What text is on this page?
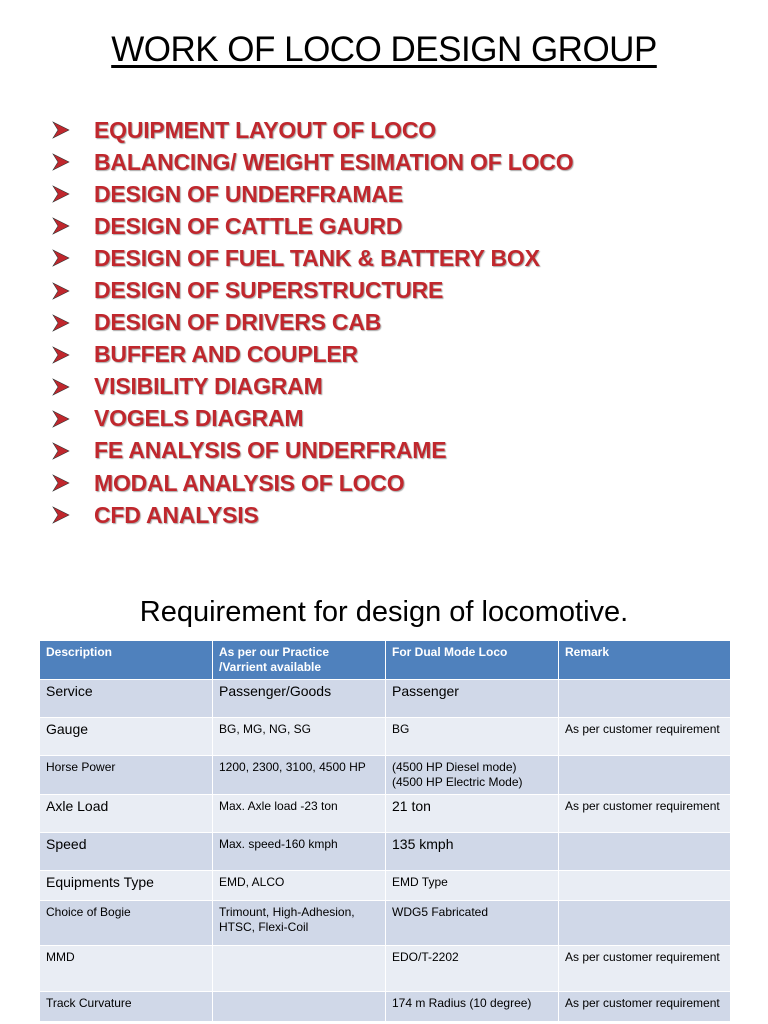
WORK OF LOCO DESIGN GROUP
EQUIPMENT LAYOUT OF LOCO
BALANCING/ WEIGHT ESIMATION OF LOCO
DESIGN OF UNDERFRAMAE
DESIGN OF CATTLE GAURD
DESIGN OF FUEL TANK & BATTERY BOX
DESIGN OF SUPERSTRUCTURE
DESIGN OF DRIVERS CAB
BUFFER AND COUPLER
VISIBILITY DIAGRAM
VOGELS DIAGRAM
FE ANALYSIS OF UNDERFRAME
MODAL ANALYSIS OF LOCO
CFD ANALYSIS
Requirement for design of locomotive.
Description	As per our Practice /Varrient available	For Dual Mode Loco	Remark
Service	Passenger/Goods	Passenger	
Gauge	BG, MG, NG, SG	BG	As per customer requirement
Horse Power	1200, 2300, 3100, 4500 HP	(4500 HP Diesel mode)
(4500 HP Electric Mode)	
Axle Load	Max. Axle load -23 ton	21 ton	As per customer requirement
Speed	Max. speed-160 kmph	135 kmph	
Equipments Type	EMD, ALCO	EMD Type	
Choice of Bogie	Trimount, High-Adhesion, HTSC, Flexi-Coil	WDG5 Fabricated	
MMD		EDO/T-2202	As per customer requirement
Track Curvature		174 m Radius (10 degree)	As per customer requirement
